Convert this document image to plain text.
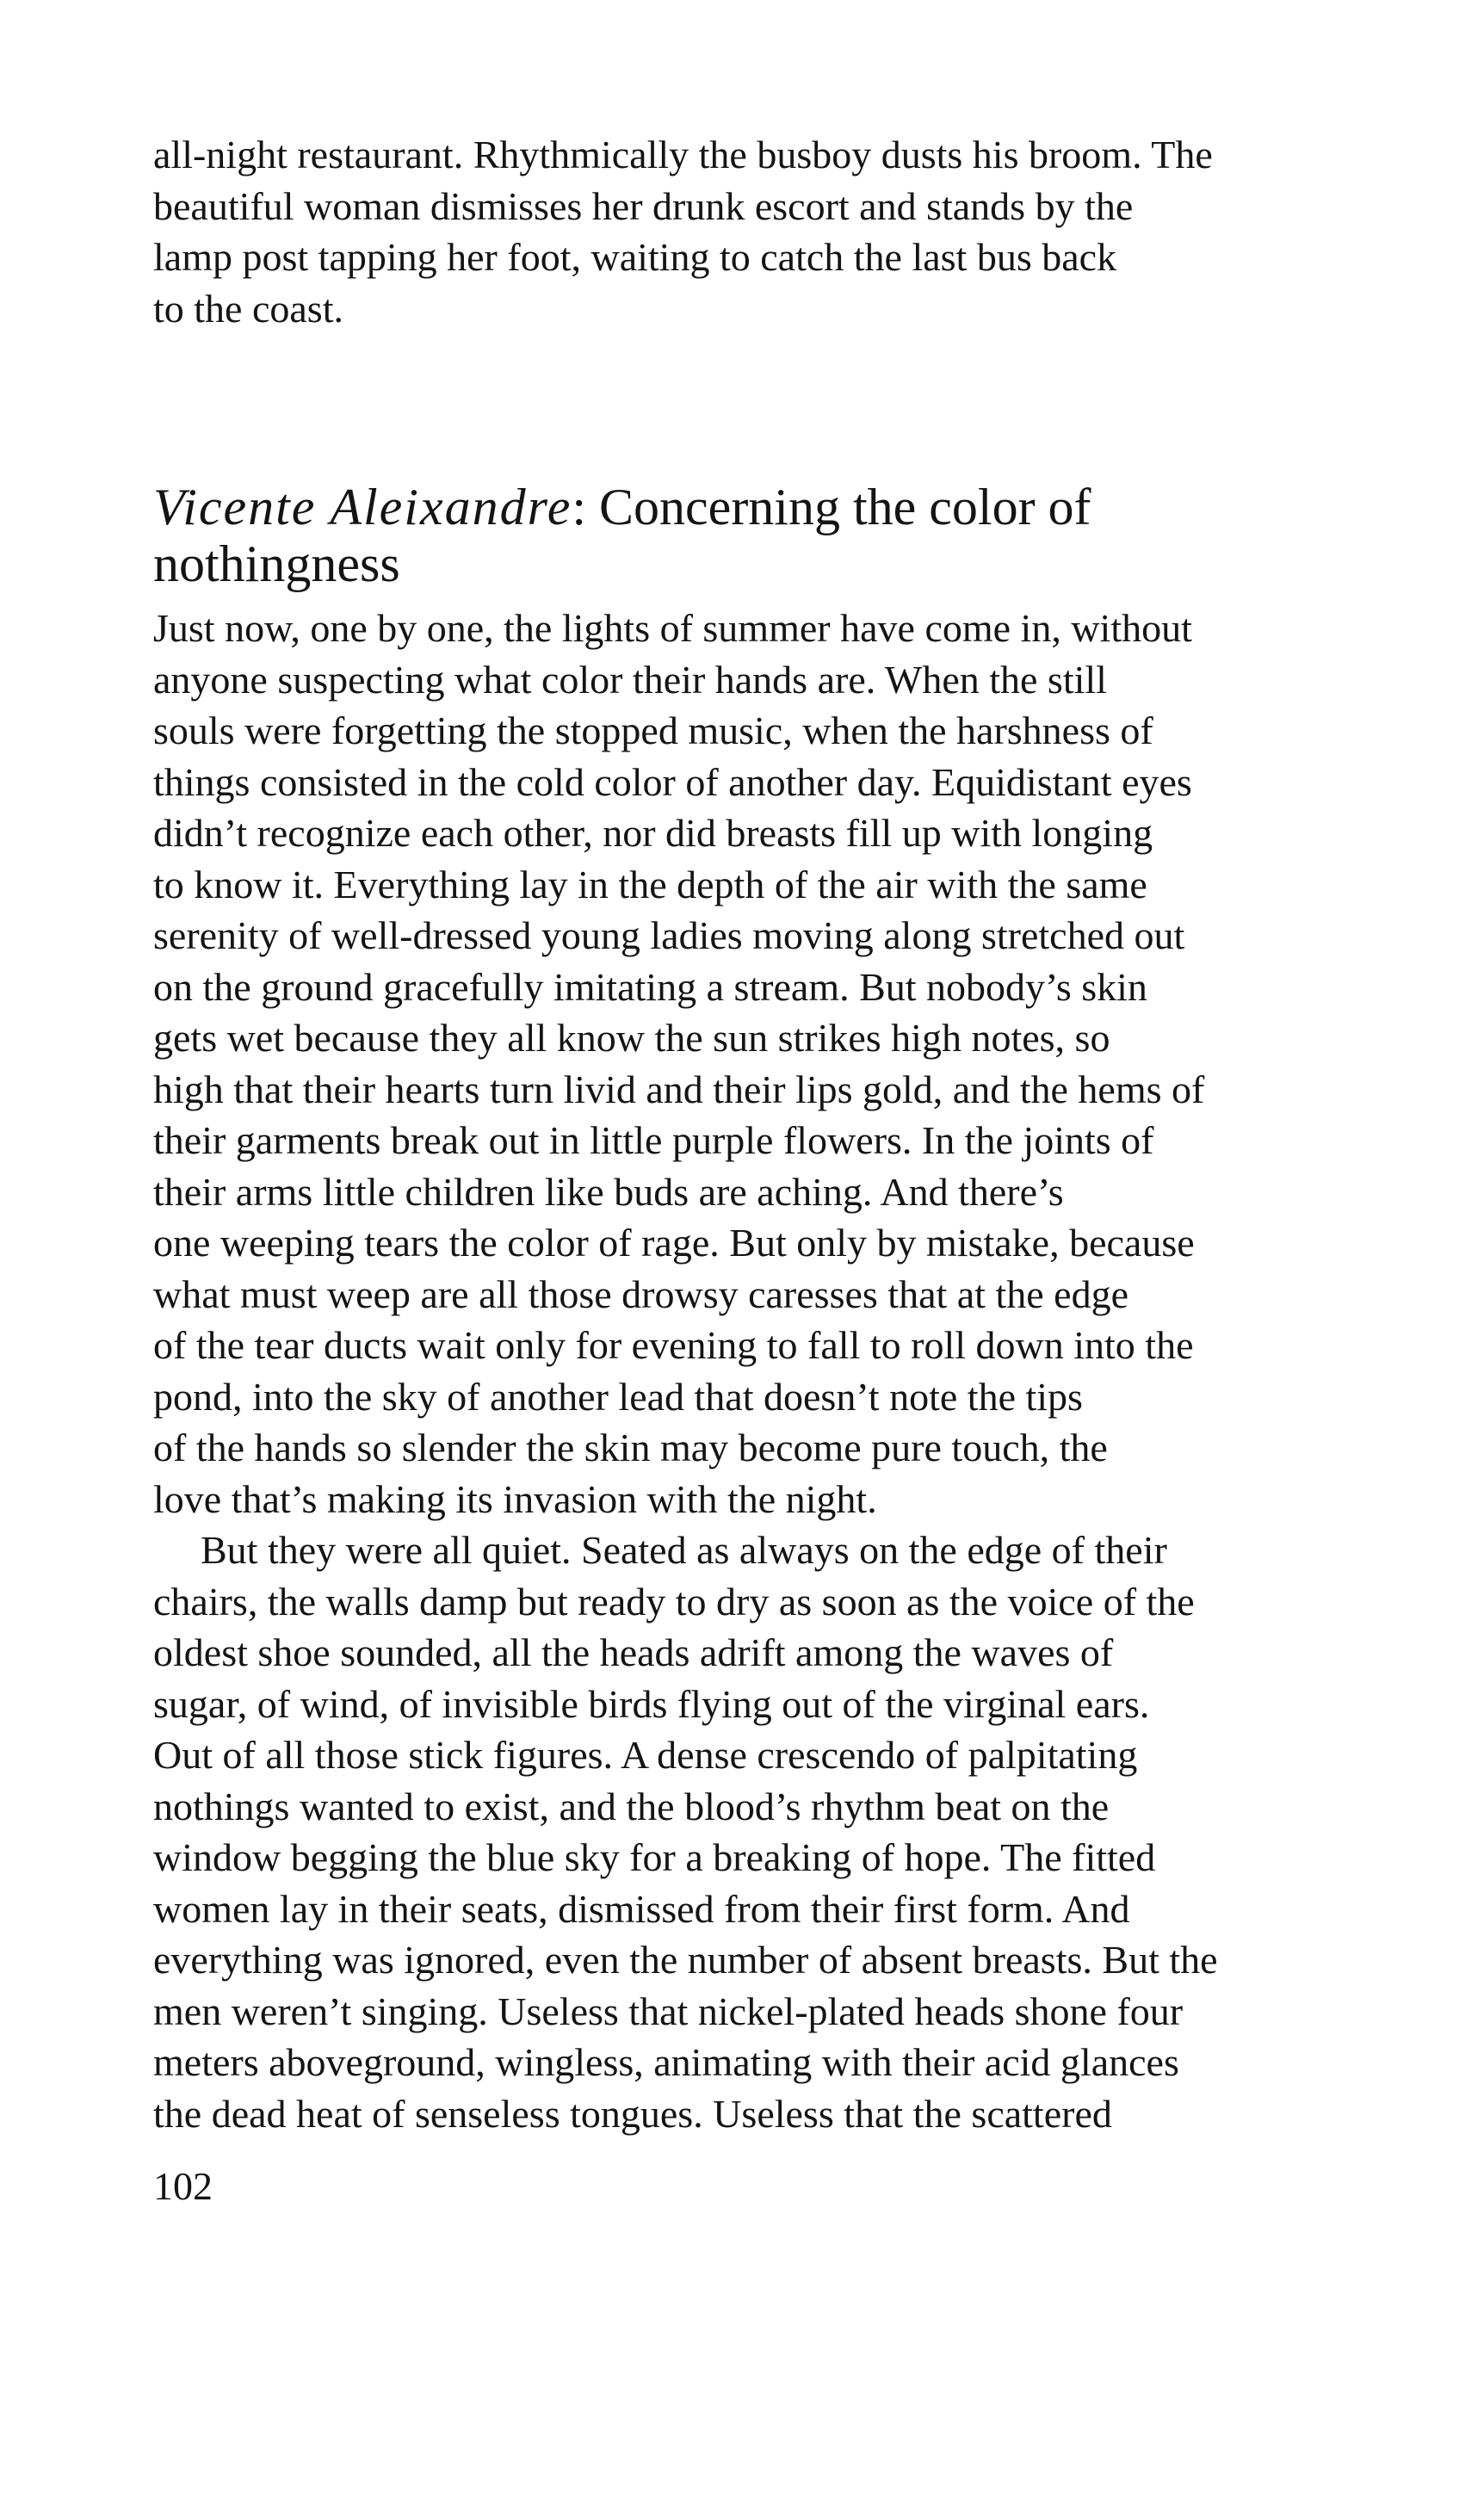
all-night restaurant. Rhythmically the busboy dusts his broom. The
beautiful woman dismisses her drunk escort and stands by the
lamp post tapping her foot, waiting to catch the last bus back
to the coast.

Vicente Aleixandre: Concerning the color of
nothingness

Just now, one by one, the lights of summer have come in, without
anyone suspecting what color their hands are. When the still
souls were forgetting the stopped music, when the harshness of
things consisted in the cold color of another day. Equidistant eyes
didn’t recognize each other, nor did breasts fill up with longing
to know it. Everything lay in the depth of the air with the same
serenity of well-dressed young ladies moving along stretched out
on the ground gracefully imitating a stream. But nobody’s skin
gets wet because they all know the sun strikes high notes, so
high that their hearts turn livid and their lips gold, and the hems of
their garments break out in little purple flowers. In the joints of
their arms little children like buds are aching. And there’s
one weeping tears the color of rage. But only by mistake, because
what must weep are all those drowsy caresses that at the edge
of the tear ducts wait only for evening to fall to roll down into the
pond, into the sky of another lead that doesn’t note the tips
of the hands so slender the skin may become pure touch, the
love that’s making its invasion with the night.

But they were all quiet. Seated as always on the edge of their
chairs, the walls damp but ready to dry as soon as the voice of the
oldest shoe sounded, all the heads adrift among the waves of
sugar, of wind, of invisible birds flying out of the virginal ears.
Out of all those stick figures. A dense crescendo of palpitating
nothings wanted to exist, and the blood’s rhythm beat on the
window begging the blue sky for a breaking of hope. The fitted
women lay in their seats, dismissed from their first form. And
everything was ignored, even the number of absent breasts. But the
men weren’t singing. Useless that nickel-plated heads shone four
meters aboveground, wingless, animating with their acid glances
the dead heat of senseless tongues. Useless that the scattered

102
